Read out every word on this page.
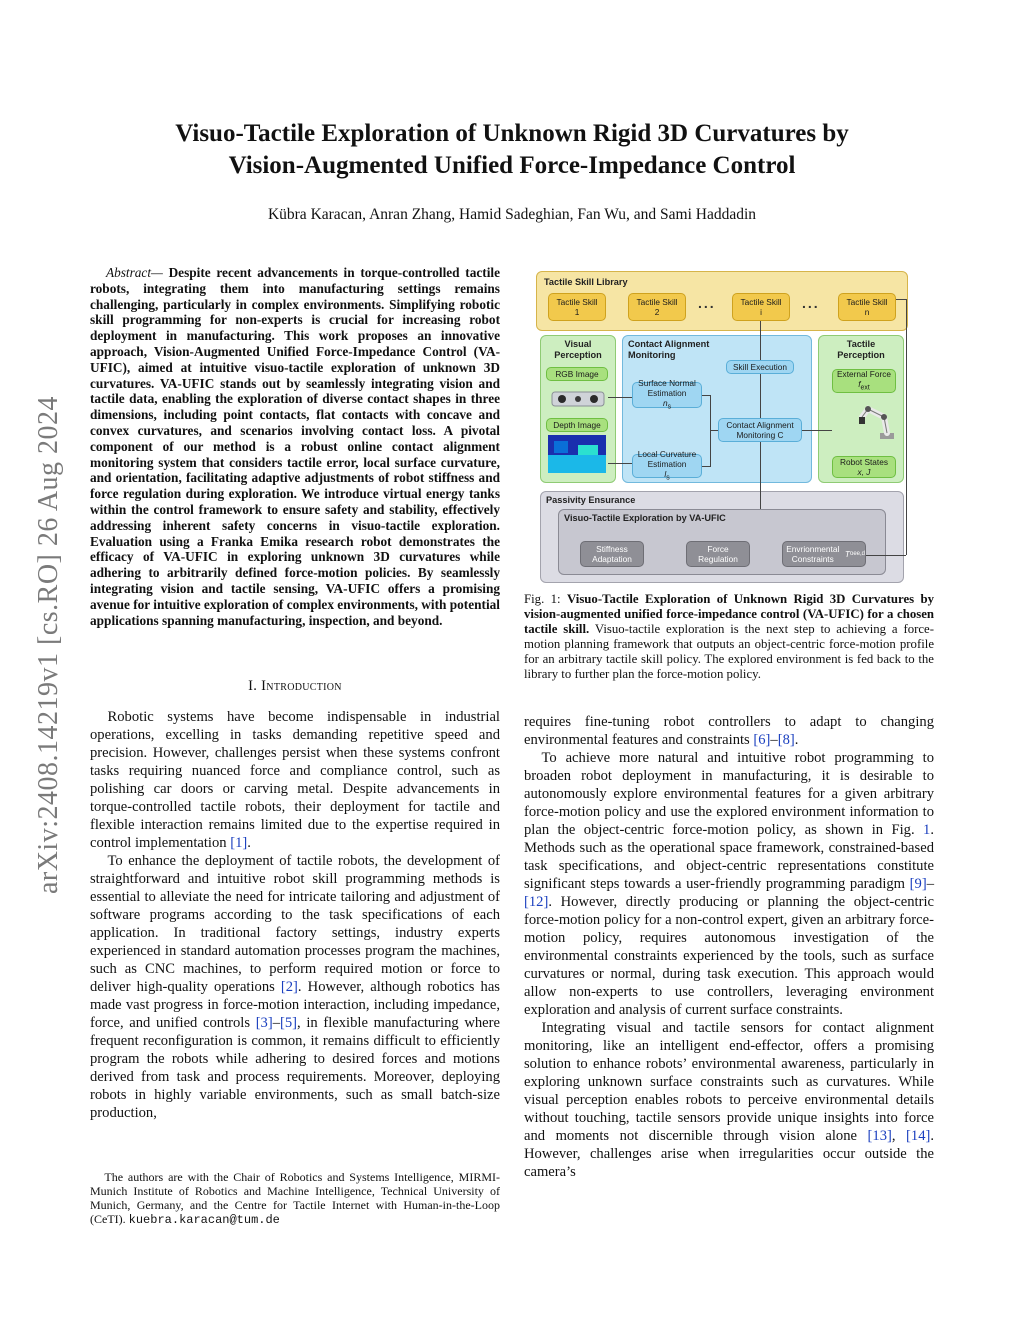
arXiv:2408.14219v1 [cs.RO] 26 Aug 2024
Visuo-Tactile Exploration of Unknown Rigid 3D Curvatures by
Vision-Augmented Unified Force-Impedance Control
Kübra Karacan, Anran Zhang, Hamid Sadeghian, Fan Wu, and Sami Haddadin

Abstract— Despite recent advancements in torque-controlled tactile robots, integrating them into manufacturing settings remains challenging, particularly in complex environments. Simplifying robotic skill programming for non-experts is crucial for increasing robot deployment in manufacturing. This work proposes an innovative approach, Vision-Augmented Unified Force-Impedance Control (VA-UFIC), aimed at intuitive visuo-tactile exploration of unknown 3D curvatures. VA-UFIC stands out by seamlessly integrating vision and tactile data, enabling the exploration of diverse contact shapes in three dimensions, including point contacts, flat contacts with concave and convex curvatures, and scenarios involving contact loss. A pivotal component of our method is a robust online contact alignment monitoring system that considers tactile error, local surface curvature, and orientation, facilitating adaptive adjustments of robot stiffness and force regulation during exploration. We introduce virtual energy tanks within the control framework to ensure safety and stability, effectively addressing inherent safety concerns in visuo-tactile exploration. Evaluation using a Franka Emika research robot demonstrates the efficacy of VA-UFIC in exploring unknown 3D curvatures while adhering to arbitrarily defined force-motion policies. By seamlessly integrating vision and tactile sensing, VA-UFIC offers a promising avenue for intuitive exploration of complex environments, with potential applications spanning manufacturing, inspection, and beyond.

I. Introduction

Robotic systems have become indispensable in industrial operations, excelling in tasks demanding repetitive speed and precision. However, challenges persist when these systems confront tasks requiring nuanced force and compliance control, such as polishing car doors or carving metal. Despite advancements in torque-controlled tactile robots, their deployment for tactile and flexible interaction remains limited due to the expertise required in control implementation [1].

To enhance the deployment of tactile robots, the development of straightforward and intuitive robot skill programming methods is essential to alleviate the need for intricate tailoring and adjustment of software programs according to the task specifications of each application. In traditional factory settings, industry experts experienced in standard automation processes program the machines, such as CNC machines, to perform required motion or force to deliver high-quality operations [2]. However, although robotics has made vast progress in force-motion interaction, including impedance, force, and unified controls [3]–[5], in flexible manufacturing where frequent reconfiguration is common, it remains difficult to efficiently program the robots while adhering to desired forces and motions derived from task and process requirements. Moreover, deploying robots in highly variable environments, such as small batch-size production,

The authors are with the Chair of Robotics and Systems Intelligence, MIRMI-Munich Institute of Robotics and Machine Intelligence, Technical University of Munich, Germany, and the Centre for Tactile Internet with Human-in-the-Loop (CeTI). kuebra.karacan@tum.de
Tactile Skill Library
Tactile Skill
1
Tactile Skill
2
...	Tactile Skill
i
...	Tactile Skill
n
Visual Perception
RGB Image
Depth Image
Contact Alignment Monitoring
Skill Execution
Surface Normal Estimation
$n_s$
Contact Alignment Monitoring C
Local Curvature Estimation
$l_s$
Tactile Perception
External Force
$f_{ext}$
Robot States
x, J
Passivity Ensurance
Visuo-Tactile Exploration by VA-UFIC
Stiffness Adaptation
Force Regulation
Envrionmental Constraints
	T o ee,d

Fig. 1: Visuo-Tactile Exploration of Unknown Rigid 3D Curvatures by vision-augmented unified force-impedance control (VA-UFIC) for a chosen tactile skill. Visuo-tactile exploration is the next step to achieving a force-motion planning framework that outputs an object-centric force-motion profile for an arbitrary tactile skill policy. The explored environment is fed back to the library to further plan the force-motion policy.

requires fine-tuning robot controllers to adapt to changing environmental features and constraints [6]–[8].

To achieve more natural and intuitive robot programming to broaden robot deployment in manufacturing, it is desirable to autonomously explore environmental features for a given arbitrary force-motion policy and use the explored environment information to plan the object-centric force-motion policy, as shown in Fig. 1. Methods such as the operational space framework, constrained-based task specifications, and object-centric representations constitute significant steps towards a user-friendly programming paradigm [9]–[12]. However, directly producing or planning the object-centric force-motion policy for a non-control expert, given an arbitrary force-motion policy, requires autonomous investigation of the environmental constraints experienced by the tools, such as surface curvatures or normal, during task execution. This approach would allow non-experts to use controllers, leveraging environment exploration and analysis of current surface constraints.

Integrating visual and tactile sensors for contact alignment monitoring, like an intelligent end-effector, offers a promising solution to enhance robots’ environmental awareness, particularly in exploring unknown surface constraints such as curvatures. While visual perception enables robots to perceive environmental details without touching, tactile sensors provide unique insights into force and moments not discernible through vision alone [13], [14]. However, challenges arise when irregularities occur outside the camera’s
